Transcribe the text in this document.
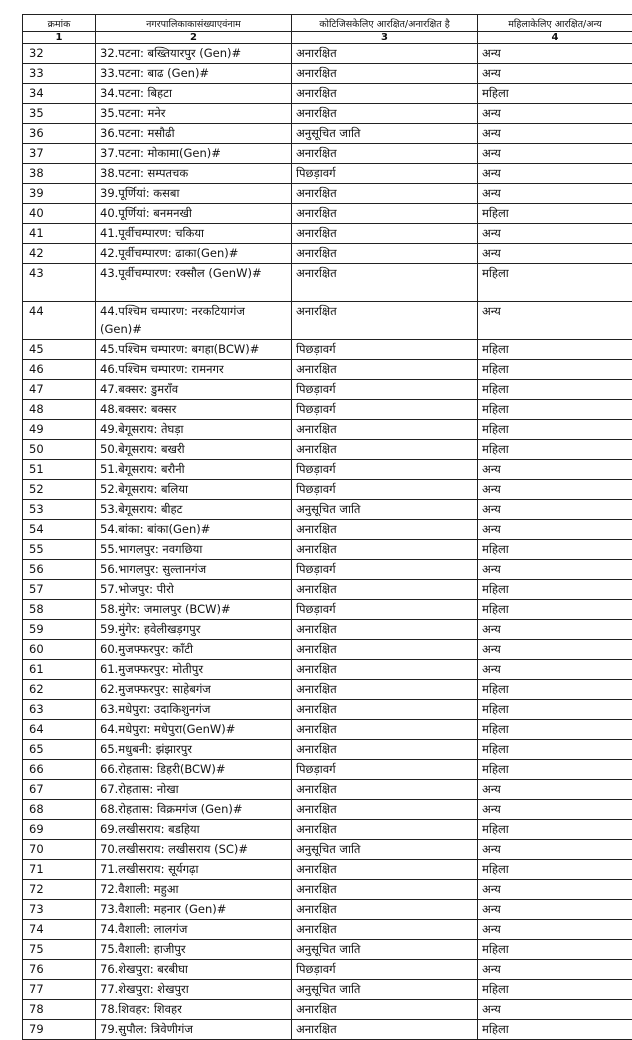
क्रमांक	नगरपालिकाकासंख्याएवंनाम	कोटिजिसकेलिए आरक्षित/अनारक्षित है	महिलाकेलिए आरक्षित/अन्य
1	2	3	4
32	32.पटना: बख्तियारपुर (Gen)#	अनारक्षित	अन्य
33	33.पटना: बाढ (Gen)#	अनारक्षित	अन्य
34	34.पटना: बिहटा	अनारक्षित	महिला
35	35.पटना: मनेर	अनारक्षित	अन्य
36	36.पटना: मसौढी	अनुसूचित जाति	अन्य
37	37.पटना: मोकामा(Gen)#	अनारक्षित	अन्य
38	38.पटना: सम्पतचक	पिछड़ावर्ग	अन्य
39	39.पूर्णियां: कसबा	अनारक्षित	अन्य
40	40.पूर्णियां: बनमनखी	अनारक्षित	महिला
41	41.पूर्वीचम्पारण: चकिया	अनारक्षित	अन्य
42	42.पूर्वीचम्पारण: ढाका(Gen)#	अनारक्षित	अन्य
43	43.पूर्वीचम्पारण: रक्सौल (GenW)#	अनारक्षित	महिला
44	44.पश्चिम चम्पारण: नरकटियागंज (Gen)#	अनारक्षित	अन्य
45	45.पश्चिम चम्पारण: बगहा(BCW)#	पिछड़ावर्ग	महिला
46	46.पश्चिम चम्पारण: रामनगर	अनारक्षित	महिला
47	47.बक्सर: डुमराँव	पिछड़ावर्ग	महिला
48	48.बक्सर: बक्सर	पिछड़ावर्ग	महिला
49	49.बेगूसराय: तेघड़ा	अनारक्षित	महिला
50	50.बेगूसराय: बखरी	अनारक्षित	महिला
51	51.बेगूसराय: बरौनी	पिछड़ावर्ग	अन्य
52	52.बेगूसराय: बलिया	पिछड़ावर्ग	अन्य
53	53.बेगूसराय: बीहट	अनुसूचित जाति	अन्य
54	54.बांका: बांका(Gen)#	अनारक्षित	अन्य
55	55.भागलपुर: नवगछिया	अनारक्षित	महिला
56	56.भागलपुर: सुल्तानगंज	पिछड़ावर्ग	अन्य
57	57.भोजपुर: पीरो	अनारक्षित	महिला
58	58.मुंगेर: जमालपुर (BCW)#	पिछड़ावर्ग	महिला
59	59.मुंगेर: हवेलीखड़गपुर	अनारक्षित	अन्य
60	60.मुजफ्फरपुर: कॉंटी	अनारक्षित	अन्य
61	61.मुजफ्फरपुर: मोतीपुर	अनारक्षित	अन्य
62	62.मुजफ्फरपुर: साहेबगंज	अनारक्षित	महिला
63	63.मधेपुरा: उदाकिशुनगंज	अनारक्षित	महिला
64	64.मधेपुरा: मधेपुरा(GenW)#	अनारक्षित	महिला
65	65.मधुबनी: झंझारपुर	अनारक्षित	महिला
66	66.रोहतास: डिहरी(BCW)#	पिछड़ावर्ग	महिला
67	67.रोहतास: नोखा	अनारक्षित	अन्य
68	68.रोहतास: विक्रमगंज (Gen)#	अनारक्षित	अन्य
69	69.लखीसराय: बडहिया	अनारक्षित	महिला
70	70.लखीसराय: लखीसराय (SC)#	अनुसूचित जाति	अन्य
71	71.लखीसराय: सूर्यगढ़ा	अनारक्षित	महिला
72	72.वैशाली: महुआ	अनारक्षित	अन्य
73	73.वैशाली: महनार (Gen)#	अनारक्षित	अन्य
74	74.वैशाली: लालगंज	अनारक्षित	अन्य
75	75.वैशाली: हाजीपुर	अनुसूचित जाति	महिला
76	76.शेखपुरा: बरबीघा	पिछड़ावर्ग	अन्य
77	77.शेखपुरा: शेखपुरा	अनुसूचित जाति	महिला
78	78.शिवहर: शिवहर	अनारक्षित	अन्य
79	79.सुपौल: त्रिवेणीगंज	अनारक्षित	महिला
